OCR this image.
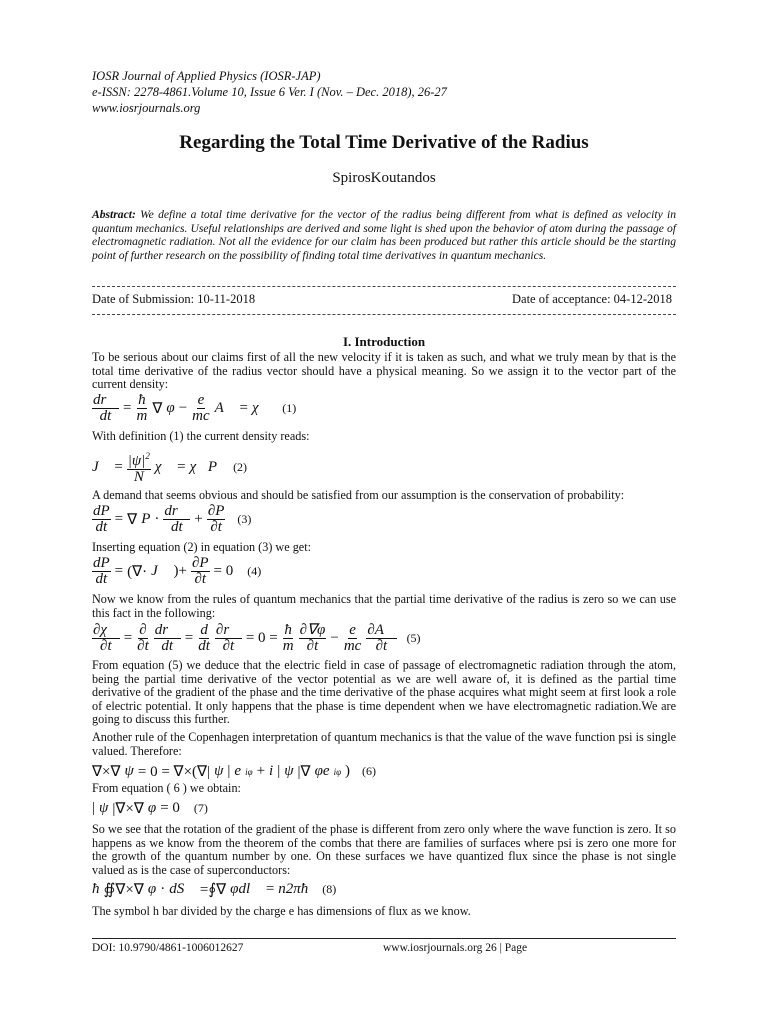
IOSR Journal of Applied Physics (IOSR-JAP)
e-ISSN: 2278-4861.Volume 10, Issue 6 Ver. I (Nov. – Dec. 2018), 26-27
www.iosrjournals.org
Regarding the Total Time Derivative of the Radius
SpirosKoutandos
Abstract: We define a total time derivative for the vector of the radius being different from what is defined as velocity in quantum mechanics. Useful relationships are derived and some light is shed upon the behavior of atom during the passage of electromagnetic radiation. Not all the evidence for our claim has been produced but rather this article should be the starting point of further research on the possibility of finding total time derivatives in quantum mechanics.
Date of Submission: 10-11-2018	Date of acceptance: 04-12-2018
I. Introduction
To be serious about our claims first of all the new velocity if it is taken as such, and what we truly mean by that is the total time derivative of the radius vector should have a physical meaning. So we assign it to the vector part of the current density:
$\frac{dr⃗}{dt} = \frac{ħ}{m}$ ∇ $\varphi - \frac{e}{mc}$ A⃗ = χ⃗ (1)
With definition (1) the current density reads:
J⃗ = $\frac{|\psi|^2}{N}$ χ⃗ = χ⃗P (2)
A demand that seems obvious and should be satisfied from our assumption is the conservation of probability:
$\frac{dP}{dt}$ = ∇ $P \cdot \frac{dr⃗}{dt} + \frac{\partial P}{\partial t} (3)$
Inserting equation (2) in equation (3) we get:
$\frac{dP}{dt}$ = (∇· J⃗ )+ $\frac{\partial P}{\partial t} = 0$ (4)
Now we know from the rules of quantum mechanics that the partial time derivative of the radius is zero so we can use this fact in the following:
$\frac{\partial\chi⃗}{\partial t} = \frac{\partial}{\partial t} \frac{dr⃗}{dt} = \frac{d}{dt} \frac{\partial r⃗}{\partial t} = 0 = \frac{ħ}{m} \frac{\partial\nabla\varphi}{\partial t} - \frac{e}{mc} \frac{\partial A⃗}{\partial t} (5)$
From equation (5) we deduce that the electric field in case of passage of electromagnetic radiation through the atom, being the partial time derivative of the vector potential as we are well aware of, it is defined as the partial time derivative of the gradient of the phase and the time derivative of the phase acquires what might seem at first look a role of electric potential. It only happens that the phase is time dependent when we have electromagnetic radiation.We are going to discuss this further.
Another rule of the Copenhagen interpretation of quantum mechanics is that the value of the wave function psi is single valued. Therefore:
∇×∇ ψ = 0 = ∇×(∇| ψ | e iφ + i | ψ |∇ φe iφ ) (6)
From equation ( 6 ) we obtain:
| ψ |∇×∇ φ = 0 (7)
So we see that the rotation of the gradient of the phase is different from zero only where the wave function is zero. It so happens as we know from the theorem of the combs that there are families of surfaces where psi is zero one more for the growth of the quantum number by one. On these surfaces we have quantized flux since the phase is not single valued as is the case of superconductors:
ħ ∯∇×∇ φ · dS⃗ =∮∇ φdl⃗ = n2πħ (8)
The symbol h bar divided by the charge e has dimensions of flux as we know.
DOI: 10.9790/4861-1006012627	www.iosrjournals.org 26 | Page
